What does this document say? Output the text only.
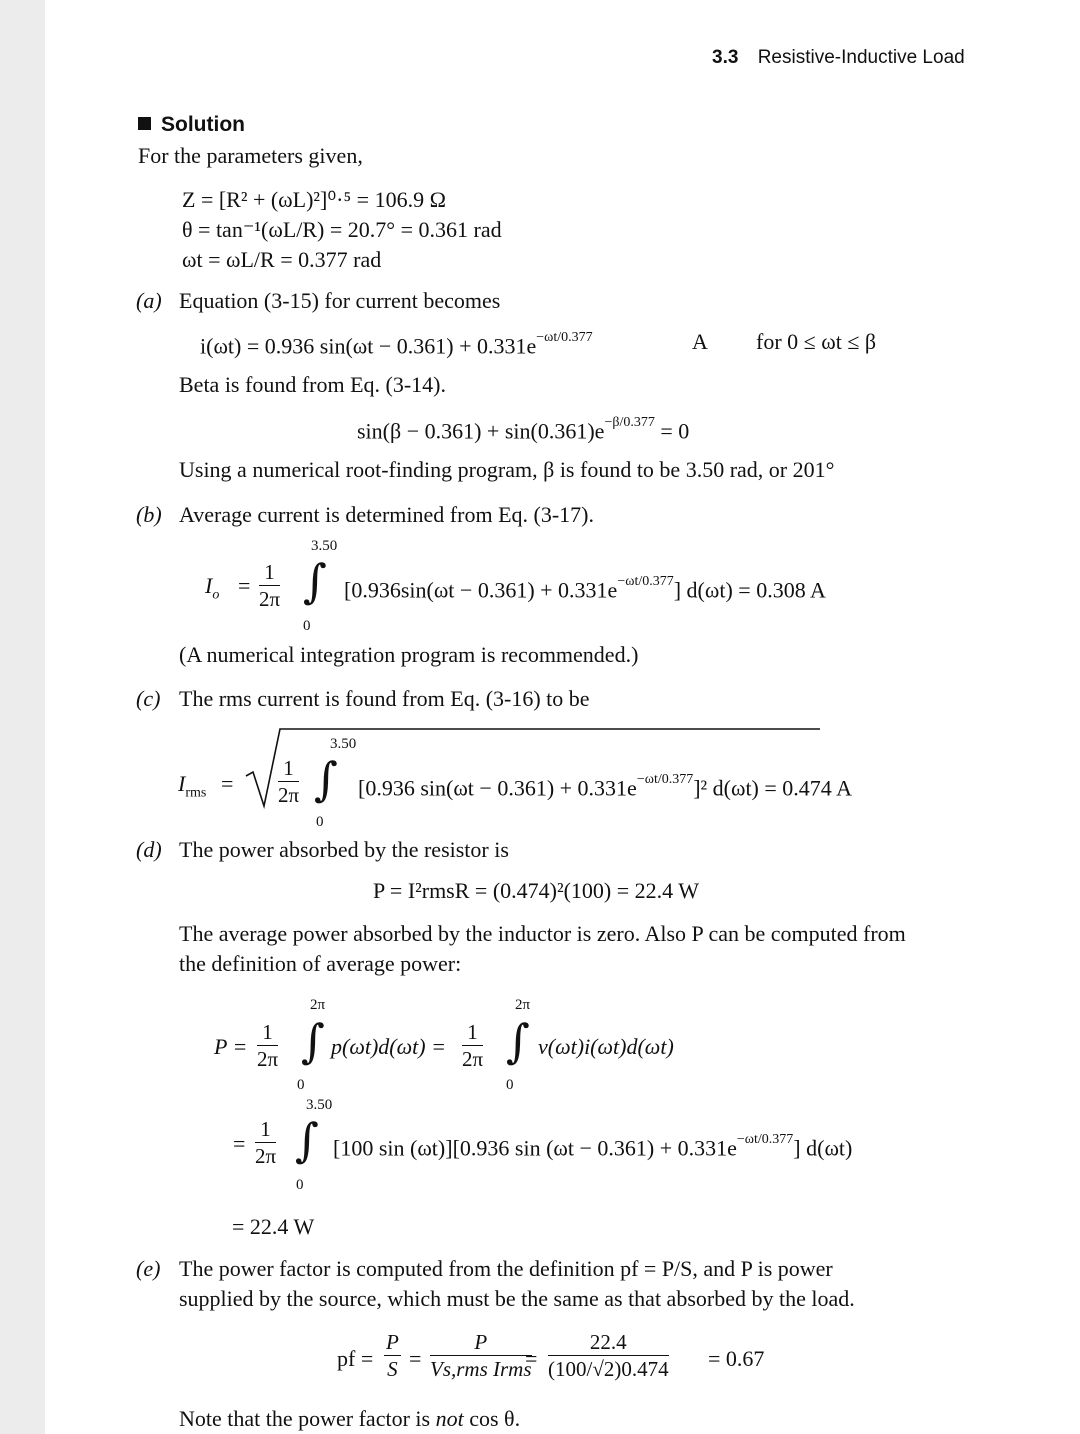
3.3 Resistive-Inductive Load
Solution
For the parameters given,
Z = [R² + (ωL)²]⁰·⁵ = 106.9 Ω
θ = tan⁻¹(ωL/R) = 20.7° = 0.361 rad
ωt = ωL/R = 0.377 rad
(a) Equation (3-15) for current becomes
i(ωt) = 0.936 $\sin(\omega t - 0.361) + 0.331e^{-\omega t/0.377}$	A for 0 ≤ ωt ≤ β
Beta is found from Eq. (3-14).
$\sin(\beta - 0.361) + \sin(0.361)e^{-\beta/0.377} = 0$
Using a numerical root-finding program, β is found to be 3.50 rad, or 201°
(b) Average current is determined from Eq. (3-17).
$I_o = \frac{1}{2\pi}$
3.50
∫
0
$[0.936\sin(\omega t - 0.361) + 0.331e^{-\omega t/0.377}]$ d(ωt) = 0.308 A
(A numerical integration program is recommended.)
(c) The rms current is found from Eq. (3-16) to be
$I_{rms} = \frac{1}{2\pi}$
3.50
∫
0
[0.936 $\sin(\omega t - 0.361) + 0.331e^{-\omega t/0.377}]^2$ d(ωt) = 0.474 A
(d) The power absorbed by the resistor is
P = I²rmsR = (0.474)²(100) = 22.4 W
The average power absorbed by the inductor is zero. Also P can be computed from
the definition of average power:
$P = \frac{1}{2\pi}$
2π
∫
0
$p(\omega t)d(\omega t) = \frac{1}{2\pi}$
2π
∫
0
v(ωt)i(ωt)d(ωt)
= $\frac{1}{2\pi}$
3.50
∫
0
[100 sin (ωt)][0.936 $\sin (\omega t - 0.361) + 0.331e^{-\omega t/0.377}$] d(ωt)
= 22.4 W
(e) The power factor is computed from the definition pf = P/S, and P is power
supplied by the source, which must be the same as that absorbed by the load.
pf = $\frac{P}{S}$ =
P
Vs,rms Irms
= $\frac{22.4}{(100/√2)0.474} = 0.67$
Note that the power factor is not cos θ.
